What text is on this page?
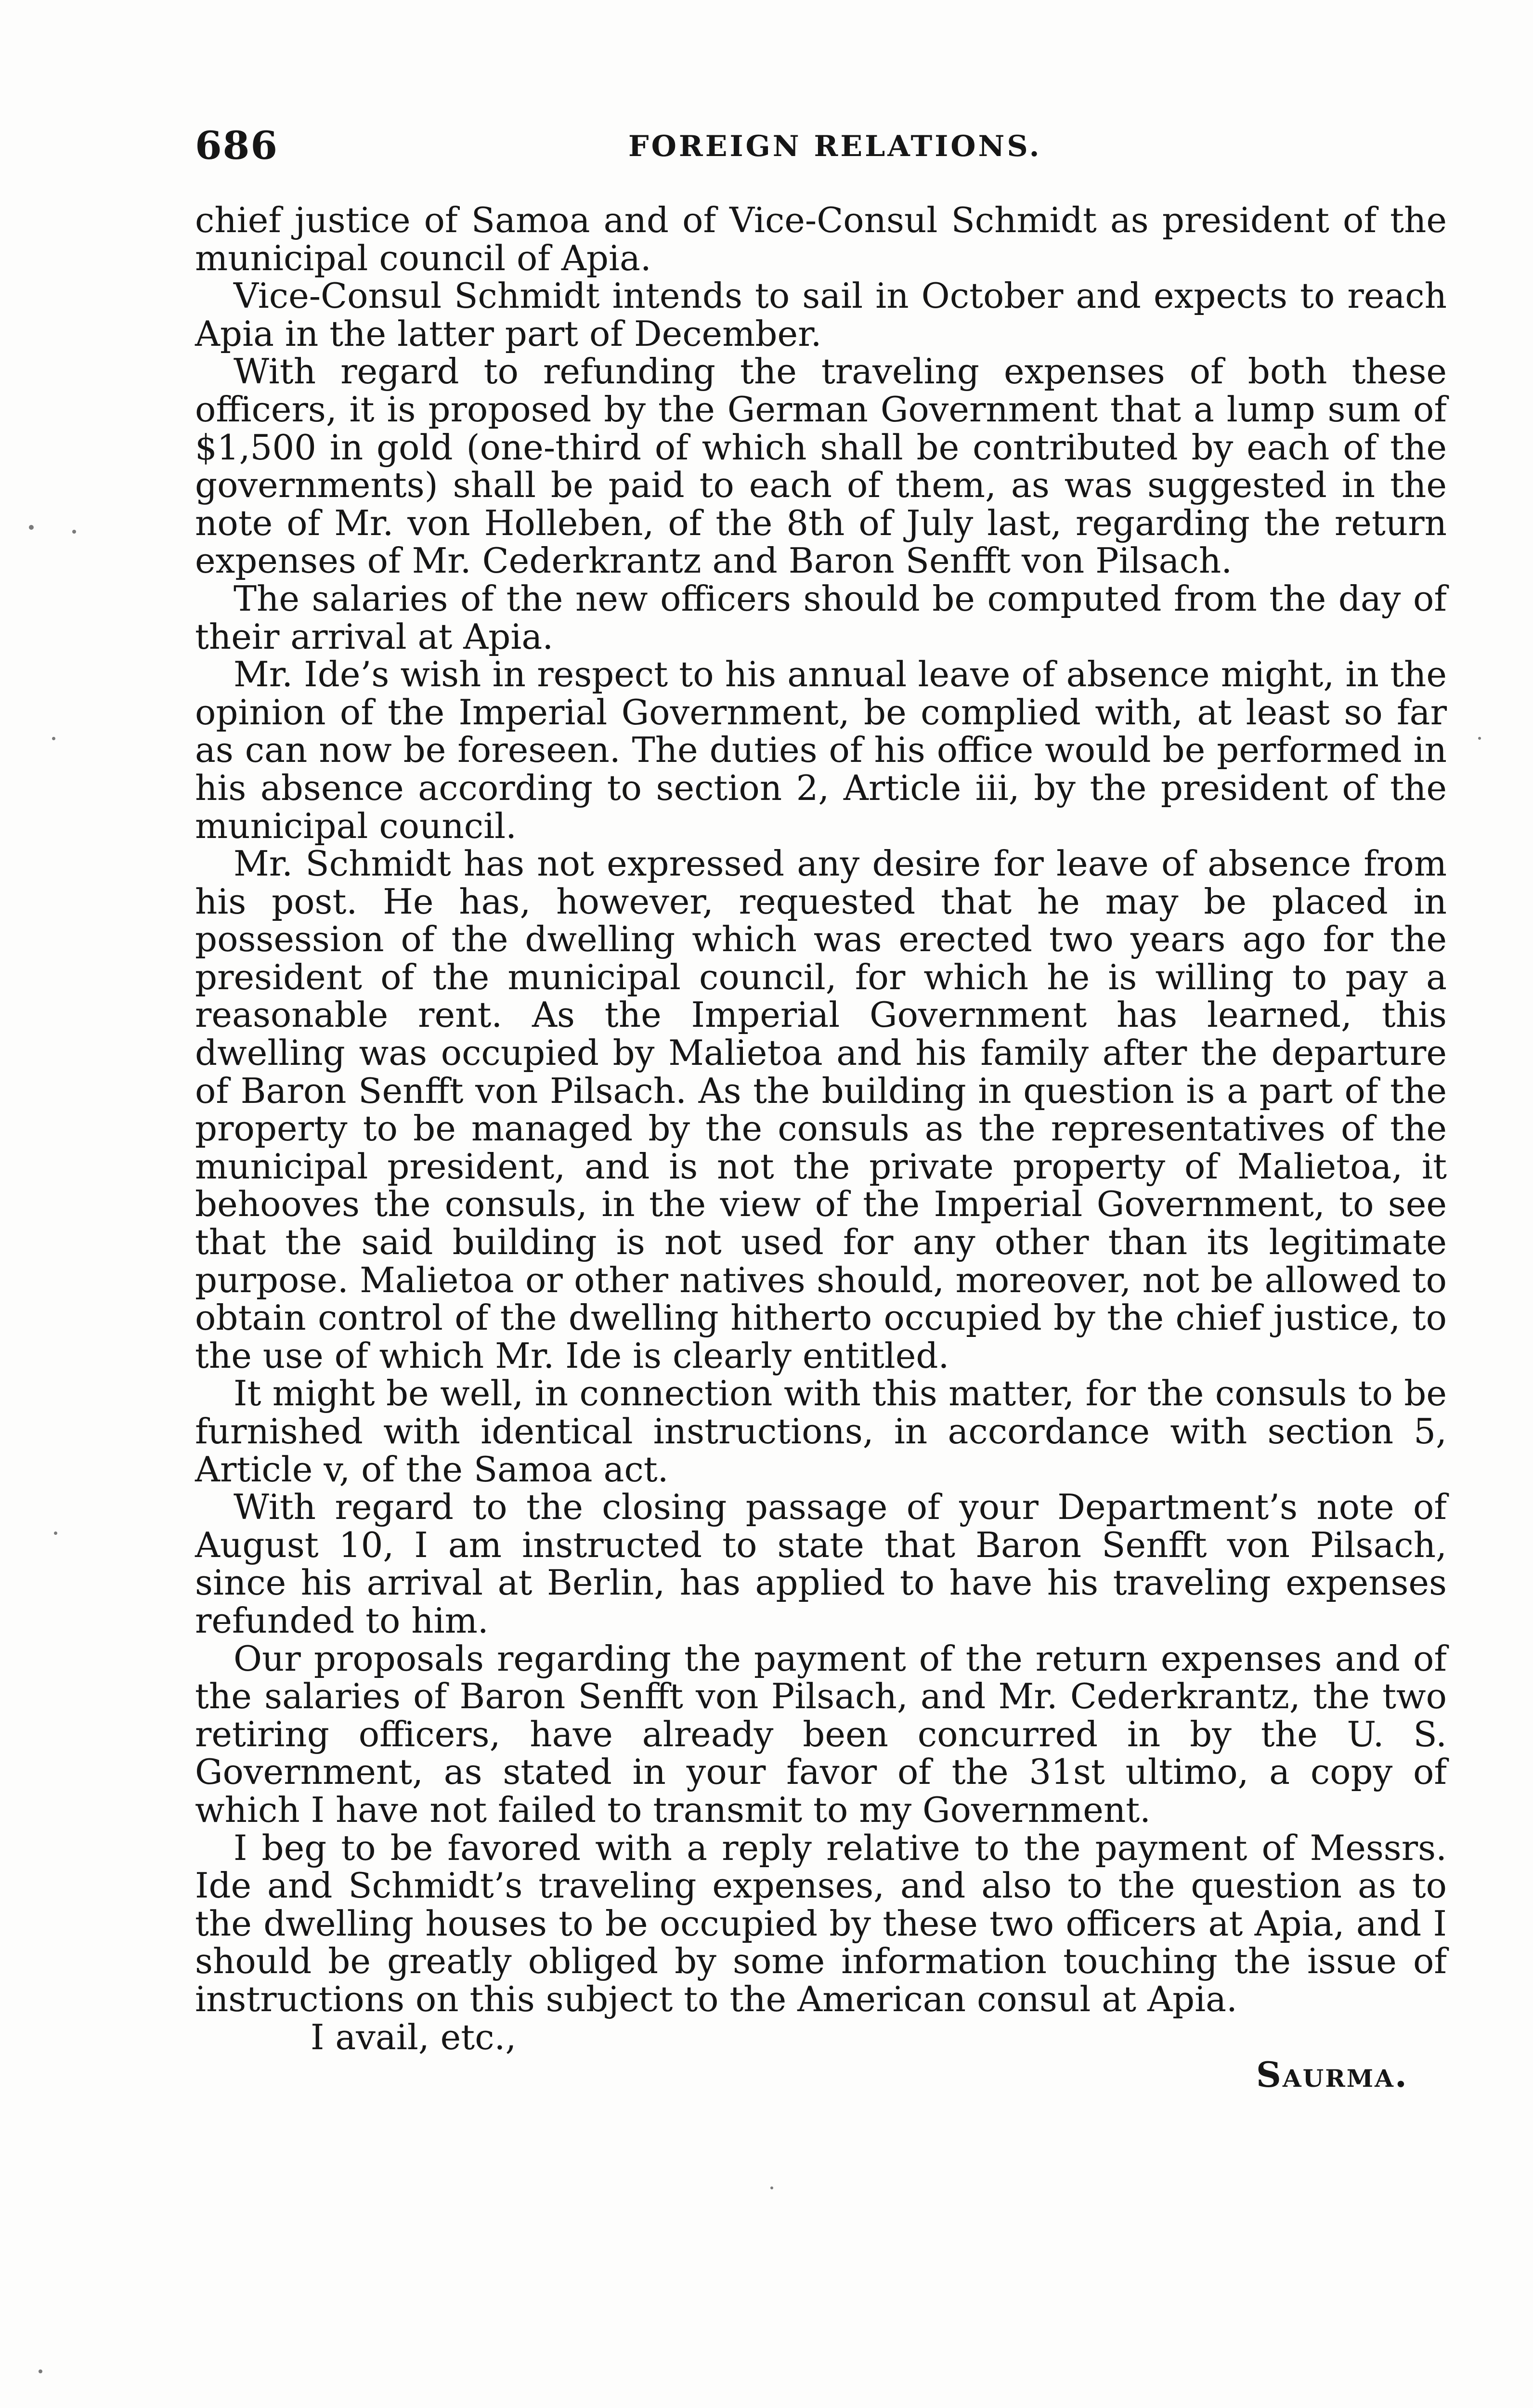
686	FOREIGN RELATIONS.

chief justice of Samoa and of Vice-Consul Schmidt as president of the municipal council of Apia.

Vice-Consul Schmidt intends to sail in October and expects to reach Apia in the latter part of December.

With regard to refunding the traveling expenses of both these officers, it is proposed by the German Government that a lump sum of $1,500 in gold (one-third of which shall be contributed by each of the governments) shall be paid to each of them, as was suggested in the note of Mr. von Holleben, of the 8th of July last, regarding the return expenses of Mr. Cederkrantz and Baron Senfft von Pilsach.

The salaries of the new officers should be computed from the day of their arrival at Apia.

Mr. Ide’s wish in respect to his annual leave of absence might, in the opinion of the Imperial Government, be complied with, at least so far as can now be foreseen. The duties of his office would be performed in his absence according to section 2, Article iii, by the president of the municipal council.

Mr. Schmidt has not expressed any desire for leave of absence from his post. He has, however, requested that he may be placed in possession of the dwelling which was erected two years ago for the president of the municipal council, for which he is willing to pay a reasonable rent. As the Imperial Government has learned, this dwelling was occupied by Malietoa and his family after the departure of Baron Senfft von Pilsach. As the building in question is a part of the property to be managed by the consuls as the representatives of the municipal president, and is not the private property of Malietoa, it behooves the consuls, in the view of the Imperial Government, to see that the said building is not used for any other than its legitimate purpose. Malietoa or other natives should, moreover, not be allowed to obtain control of the dwelling hitherto occupied by the chief justice, to the use of which Mr. Ide is clearly entitled.

It might be well, in connection with this matter, for the consuls to be furnished with identical instructions, in accordance with section 5, Article v, of the Samoa act.

With regard to the closing passage of your Department’s note of August 10, I am instructed to state that Baron Senfft von Pilsach, since his arrival at Berlin, has applied to have his traveling expenses refunded to him.

Our proposals regarding the payment of the return expenses and of the salaries of Baron Senfft von Pilsach, and Mr. Cederkrantz, the two retiring officers, have already been concurred in by the U. S. Government, as stated in your favor of the 31st ultimo, a copy of which I have not failed to transmit to my Government.

I beg to be favored with a reply relative to the payment of Messrs. Ide and Schmidt’s traveling expenses, and also to the question as to the dwelling houses to be occupied by these two officers at Apia, and I should be greatly obliged by some information touching the issue of instructions on this subject to the American consul at Apia.

I avail, etc.,

Saurma.
